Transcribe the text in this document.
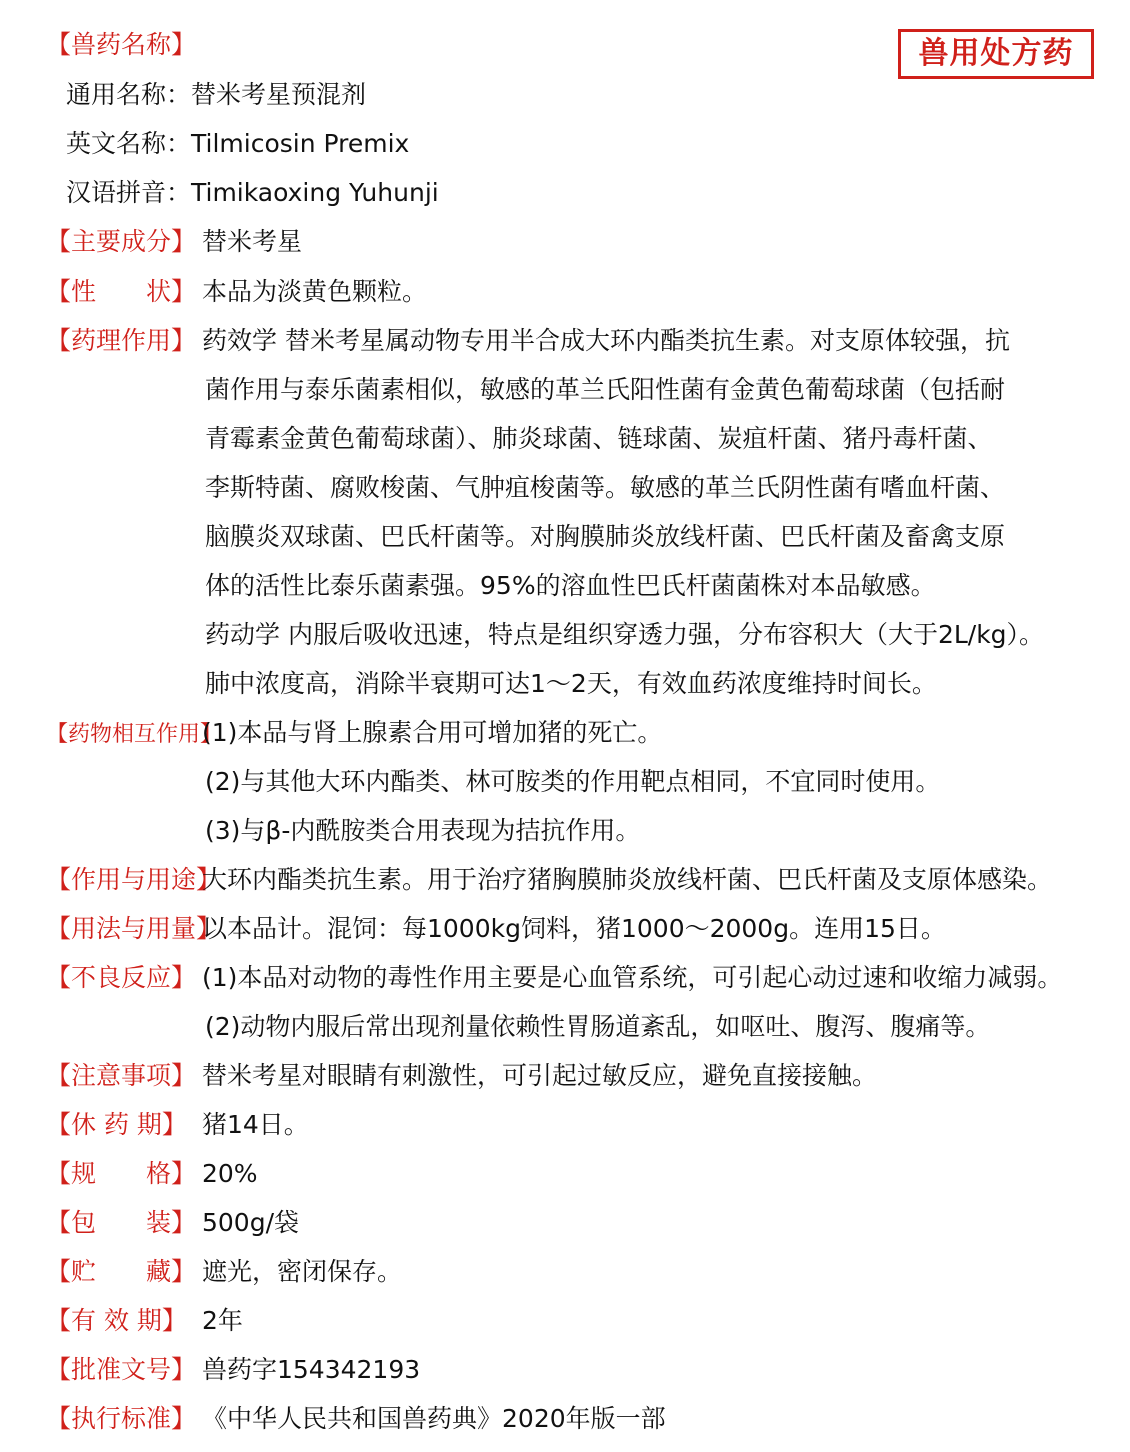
兽用处方药
【兽药名称】
通用名称：替米考星预混剂
英文名称：Tilmicosin Premix
汉语拼音：Timikaoxing Yuhunji
【主要成分】 替米考星
【性　　状】 本品为淡黄色颗粒。
【药理作用】 药效学 替米考星属动物专用半合成大环内酯类抗生素。对支原体较强，抗
菌作用与泰乐菌素相似，敏感的革兰氏阳性菌有金黄色葡萄球菌（包括耐
青霉素金黄色葡萄球菌）、肺炎球菌、链球菌、炭疽杆菌、猪丹毒杆菌、
李斯特菌、腐败梭菌、气肿疽梭菌等。敏感的革兰氏阴性菌有嗜血杆菌、
脑膜炎双球菌、巴氏杆菌等。对胸膜肺炎放线杆菌、巴氏杆菌及畜禽支原
体的活性比泰乐菌素强。95%的溶血性巴氏杆菌菌株对本品敏感。
药动学 内服后吸收迅速，特点是组织穿透力强，分布容积大（大于2L/kg）。
肺中浓度高，消除半衰期可达1～2天，有效血药浓度维持时间长。
【药物相互作用】(1)本品与肾上腺素合用可增加猪的死亡。
(2)与其他大环内酯类、林可胺类的作用靶点相同，不宜同时使用。
(3)与β-内酰胺类合用表现为拮抗作用。
【作用与用途】大环内酯类抗生素。用于治疗猪胸膜肺炎放线杆菌、巴氏杆菌及支原体感染。
【用法与用量】以本品计。混饲：每1000kg饲料，猪1000～2000g。连用15日。
【不良反应】 (1)本品对动物的毒性作用主要是心血管系统，可引起心动过速和收缩力减弱。
(2)动物内服后常出现剂量依赖性胃肠道紊乱，如呕吐、腹泻、腹痛等。
【注意事项】 替米考星对眼睛有刺激性，可引起过敏反应，避免直接接触。
【休 药 期】 猪14日。
【规　　格】 20%
【包　　装】 500g/袋
【贮　　藏】 遮光，密闭保存。
【有 效 期】 2年
【批准文号】 兽药字154342193
【执行标准】 《中华人民共和国兽药典》2020年版一部
